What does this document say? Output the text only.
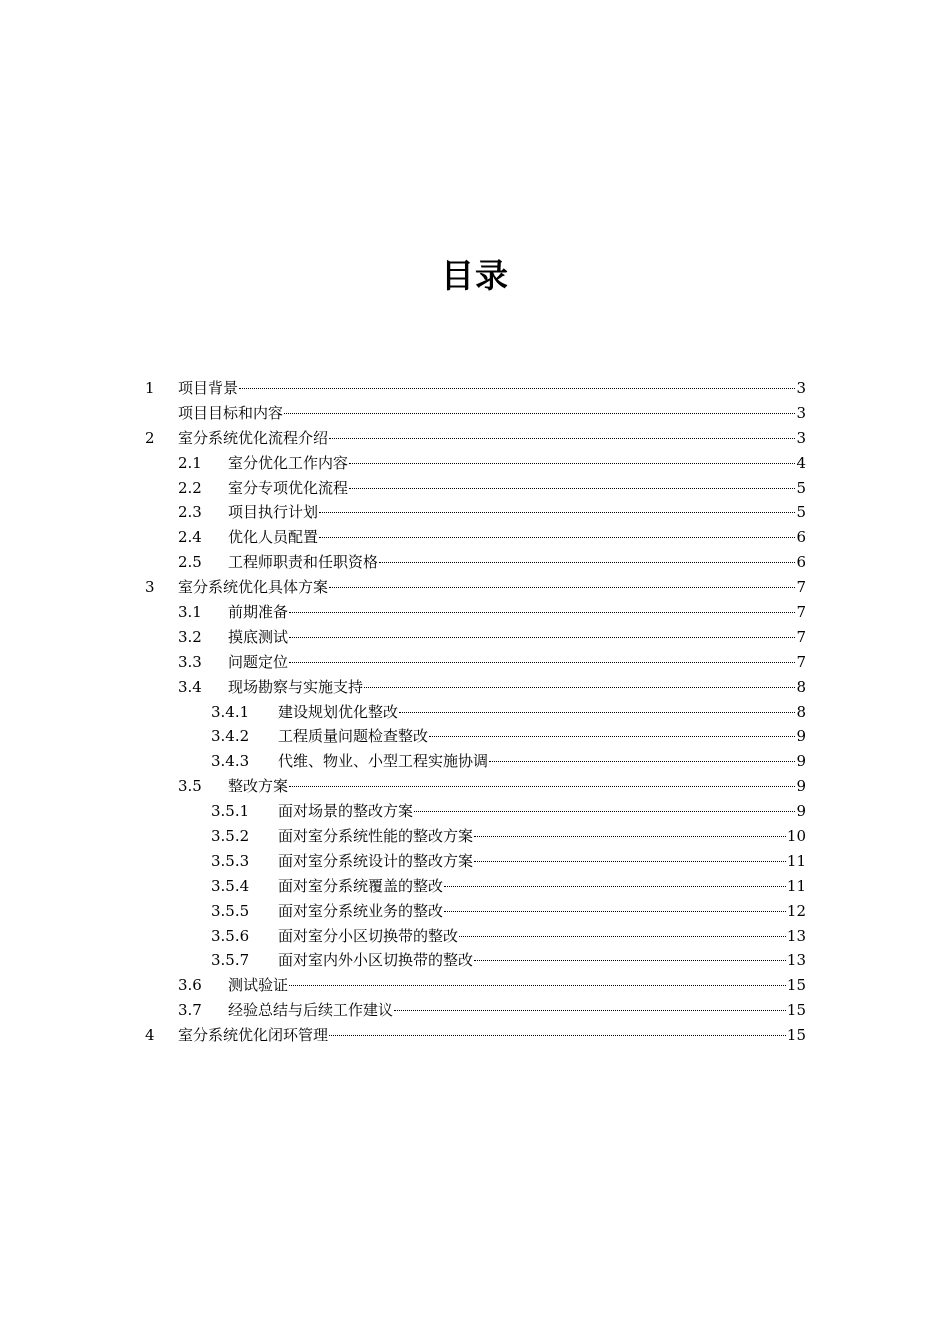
目录
1 项目背景	3
项目目标和内容	3
2 室分系统优化流程介绍	3
2.1 室分优化工作内容	4
2.2 室分专项优化流程	5
2.3 项目执行计划	5
2.4 优化人员配置	6
2.5 工程师职责和任职资格	6
3 室分系统优化具体方案	7
3.1 前期准备	7
3.2 摸底测试	7
3.3 问题定位	7
3.4 现场勘察与实施支持	8
3.4.1 建设规划优化整改	8
3.4.2 工程质量问题检查整改	9
3.4.3 代维、物业、小型工程实施协调	9
3.5 整改方案	9
3.5.1 面对场景的整改方案	9
3.5.2 面对室分系统性能的整改方案	10
3.5.3 面对室分系统设计的整改方案	11
3.5.4 面对室分系统覆盖的整改	11
3.5.5 面对室分系统业务的整改	12
3.5.6 面对室分小区切换带的整改	13
3.5.7 面对室内外小区切换带的整改	13
3.6 测试验证	15
3.7 经验总结与后续工作建议	15
4 室分系统优化闭环管理	15
